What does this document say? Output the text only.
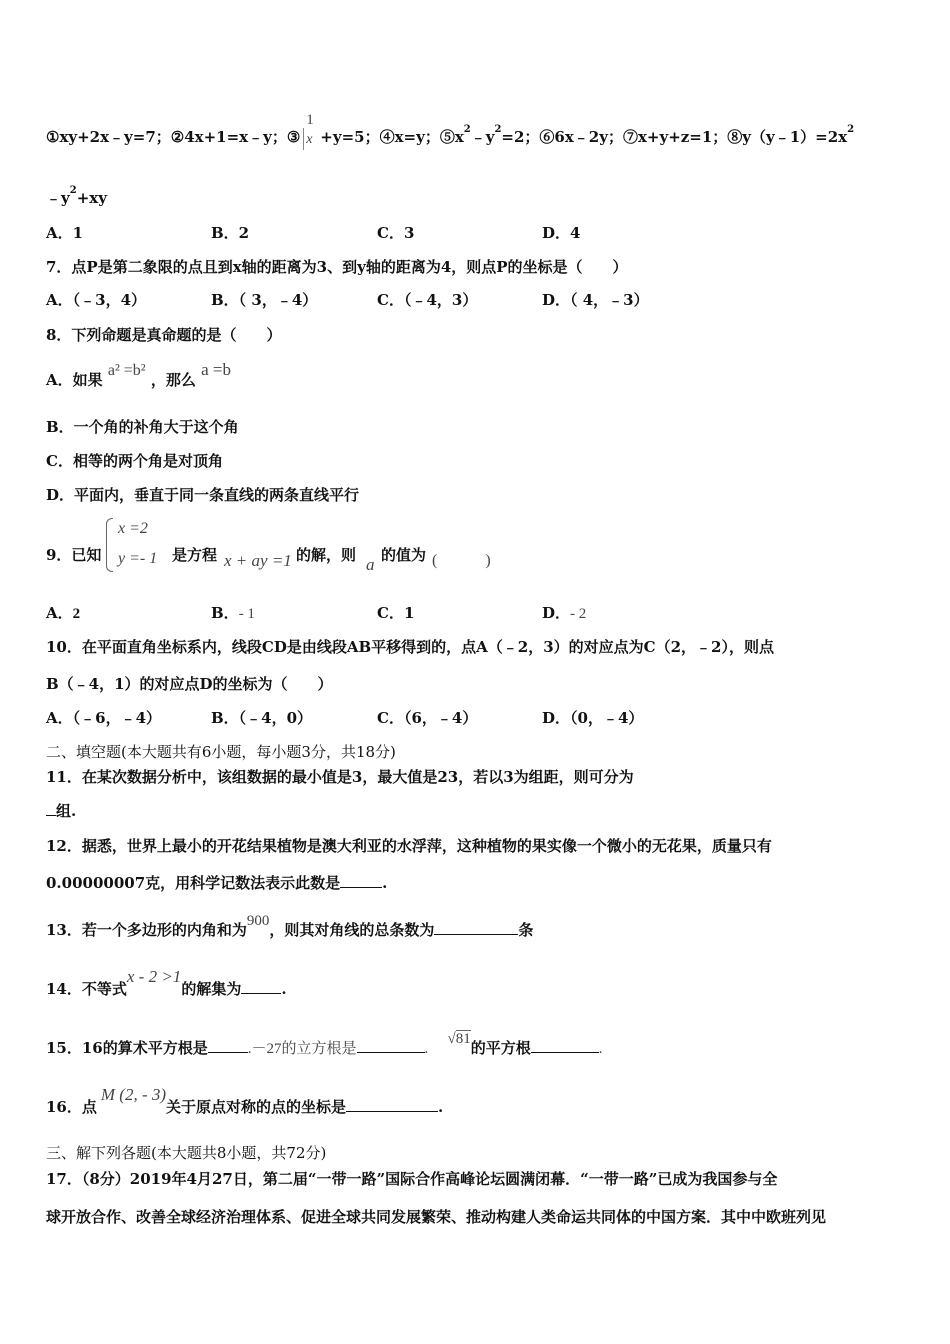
①xy+2x﹣y=7；②4x+1=x﹣y；③
1
x +y=5；④x=y；$⑤x^2﹣y^2=2$；⑥6x﹣2y；⑦x+y+z=1；$⑧y(y﹣1)=2x^2$
$﹣y^2+xy$
A．1	B．2	C．3	D．4
7．点P是第二象限的点且到x轴的距离为3、到y轴的距离为4，则点P的坐标是（　　）
A．（﹣3，4）	B．（ 3，﹣4）	C．（﹣4，3）	D．（ 4，﹣3）
8．下列命题是真命题的是（　　）
A．如果 a² =b² ，那么 a =b
B．一个角的补角大于这个角
C．相等的两个角是对顶角
D．平面内，垂直于同一条直线的两条直线平行
9．已知
x =2
y =- 1 是方程 x + ay =1 的解，则 a 的值为 (　　　)
A．2	B．- 1	C．1	D．- 2
10．在平面直角坐标系内，线段CD是由线段AB平移得到的，点A（﹣2，3）的对应点为C（2，﹣2），则点
B（﹣4，1）的对应点D的坐标为（　　）
A．（﹣6，﹣4）	B．（﹣4，0）	C．（6，﹣4）	D．（0，﹣4）
二、填空题(本大题共有6小题，每小题3分，共18分)
11．在某次数据分析中，该组数据的最小值是3，最大值是23，若以3为组距，则可分为
组.
12．据悉，世界上最小的开花结果植物是澳大利亚的水浮萍，这种植物的果实像一个微小的无花果，质量只有
0.00000007克，用科学记数法表示此数是	.
13．若一个多边形的内角和为900，则其对角线的总条数为	条
14．不等式x - 2 >1的解集为	.
15．16的算术平方根是	.－27的立方根是	. √81的平方根	.
16．点M (2, - 3)关于原点对称的点的坐标是	.
三、解下列各题(本大题共8小题，共72分)
17．（8分）2019年4月27日，第二届“一带一路”国际合作高峰论坛圆满闭幕．“一带一路”已成为我国参与全
球开放合作、改善全球经济治理体系、促进全球共同发展繁荣、推动构建人类命运共同体的中国方案．其中中欧班列见
